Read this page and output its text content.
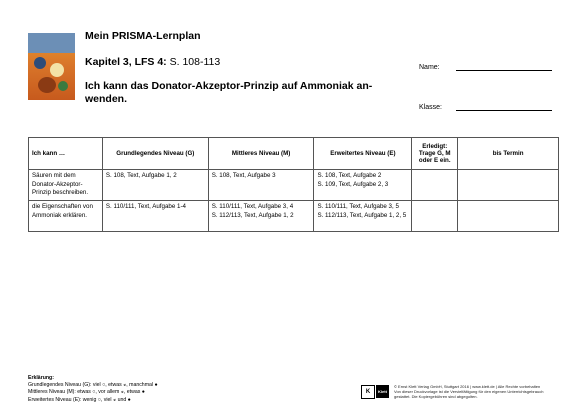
Mein PRISMA-Lernplan
Kapitel 3, LFS 4: S. 108-113
Ich kann das Donator-Akzeptor-Prinzip auf Ammoniak an-
wenden.
Name:
Klasse:
Ich kann …	Grundlegendes Niveau (G)	Mittleres Niveau (M)	Erweitertes Niveau (E)	Erledigt: Trage G, M oder E ein.	bis Termin
Säuren mit dem Donator-Akzeptor-Prinzip beschreiben.	S. 108, Text, Aufgabe 1, 2	S. 108, Text, Aufgabe 3	S. 108, Text, Aufgabe 2
S. 109, Text, Aufgabe 2, 3		
die Eigenschaften von Ammoniak erklären.	S. 110/111, Text, Aufgabe 1-4	S. 110/111, Text, Aufgabe 3, 4
S. 112/113, Text, Aufgabe 1, 2	S. 110/111, Text, Aufgabe 3, 5
S. 112/113, Text, Aufgabe 1, 2, 5		
Erklärung:
Grundlegendes Niveau (G): viel ○, etwas ◒, manchmal ●
Mittleres Niveau (M): etwas ○, vor allem ◒, etwas ●
Erweitertes Niveau (E): wenig ○, viel ◒ und ●
K	Klett
© Ernst Klett Verlag GmbH, Stuttgart 2016 | www.klett.de | Alle Rechte vorbehalten
Von dieser Druckvorlage ist die Vervielfältigung für den eigenen Unterrichtsgebrauch
gestattet. Die Kopiergebühren sind abgegolten.
